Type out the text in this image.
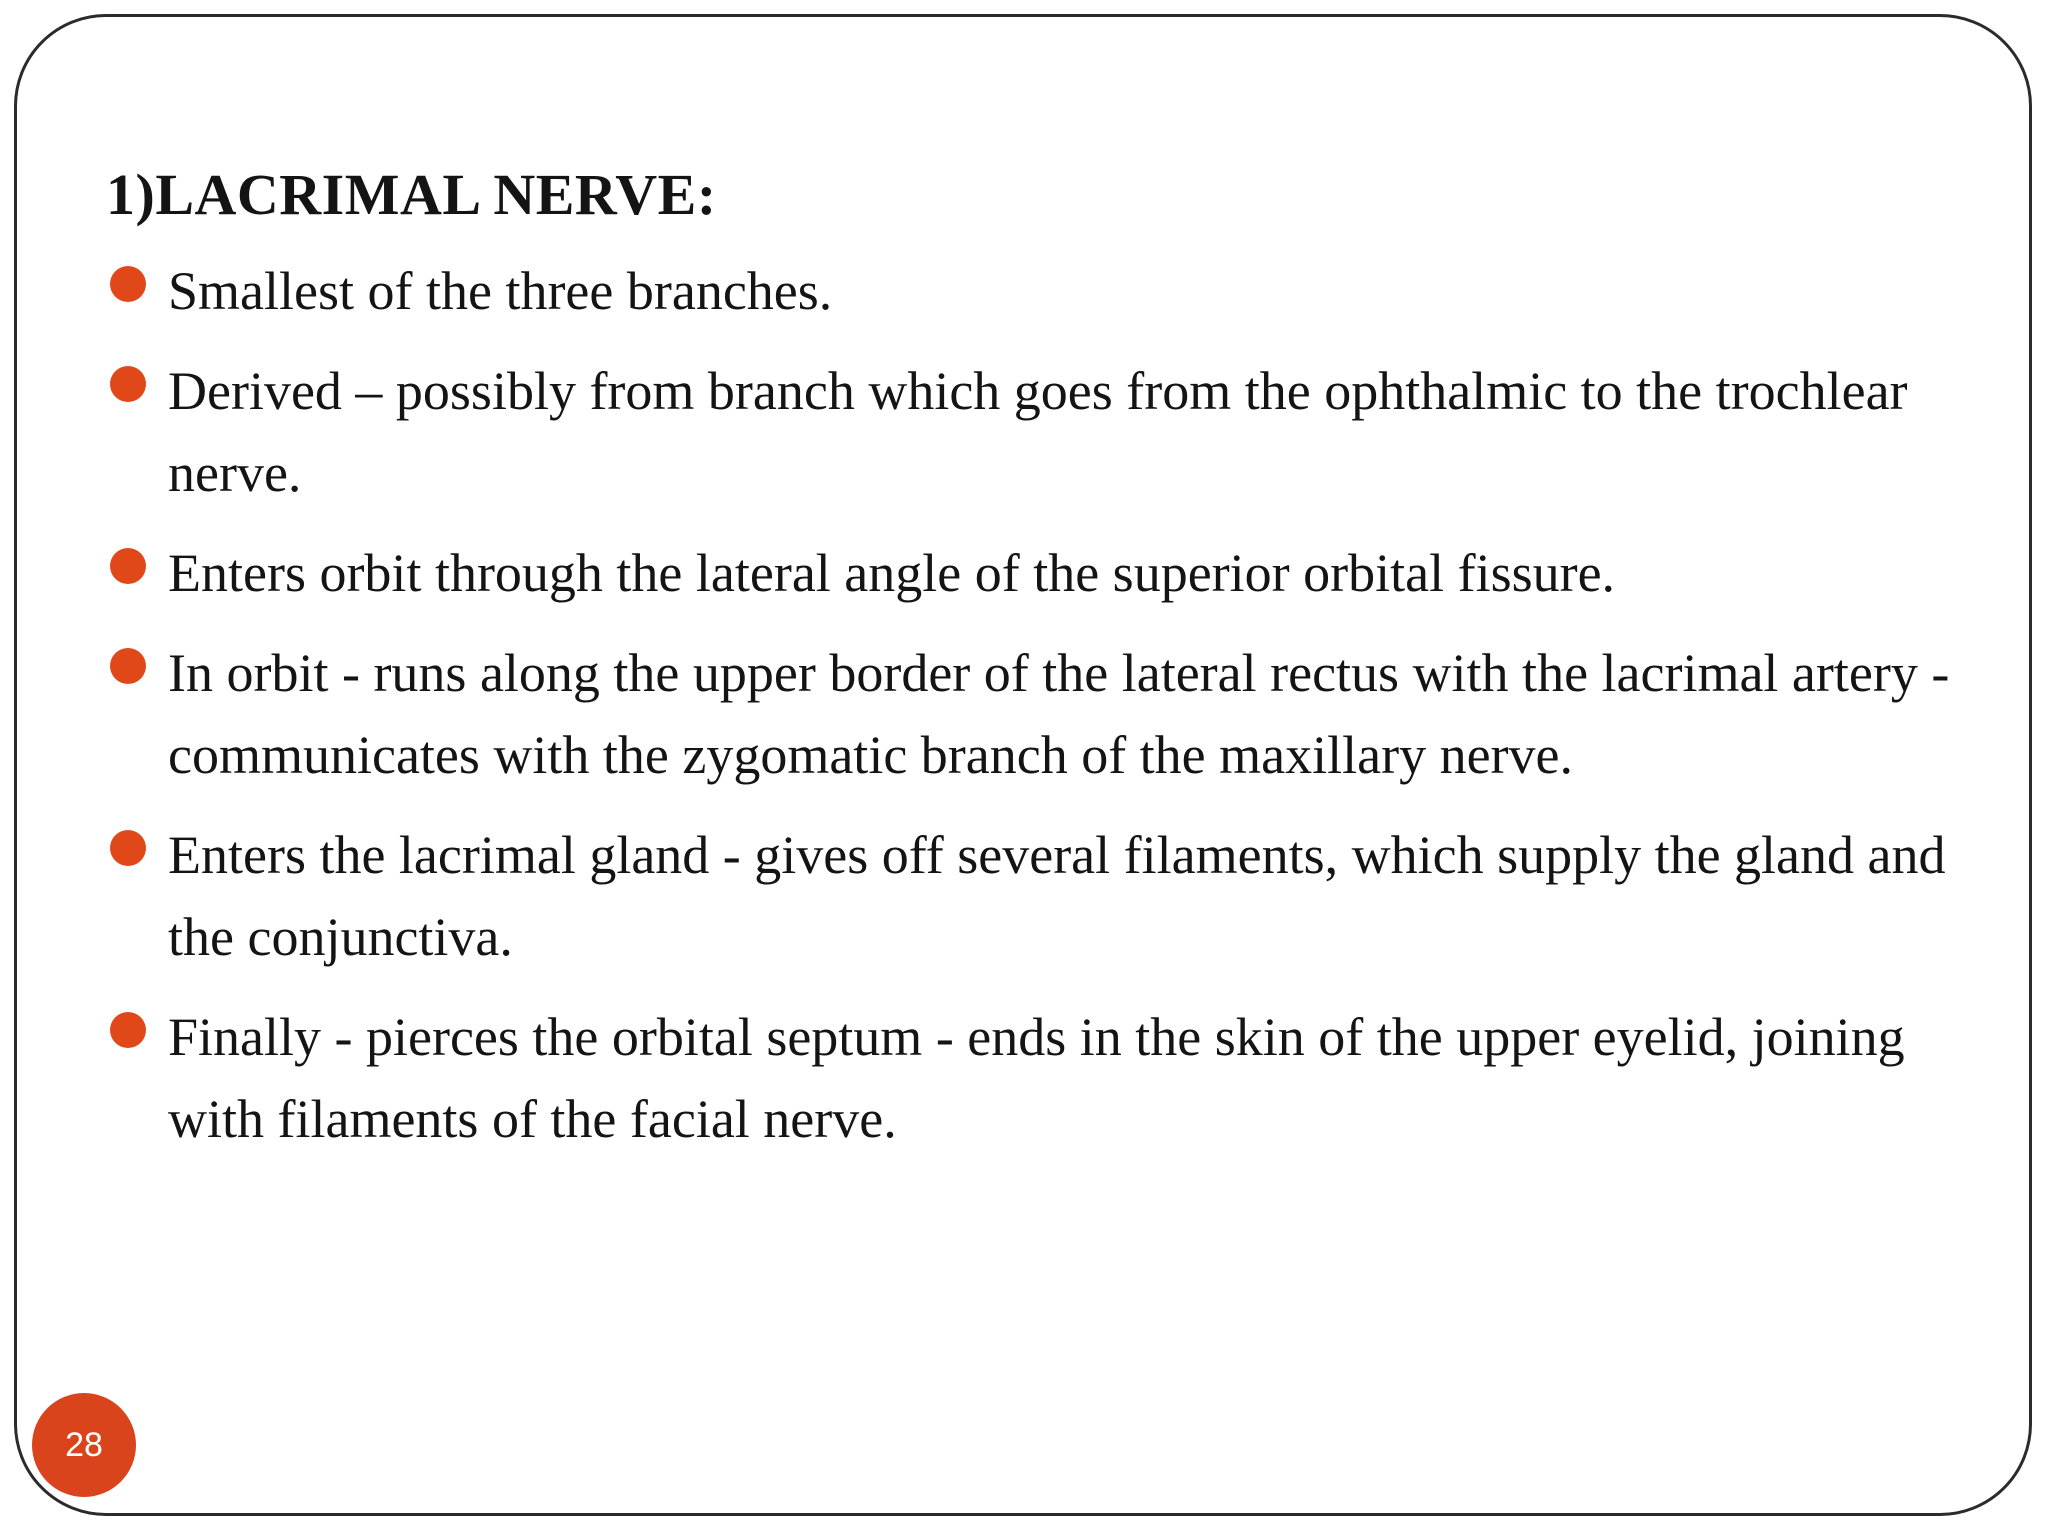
1)LACRIMAL NERVE:
Smallest of the three branches.
Derived – possibly from branch which goes from the ophthalmic to the trochlear nerve.
Enters orbit through the lateral angle of the superior orbital fissure.
In orbit - runs along the upper border of the lateral rectus with the lacrimal artery - communicates with the zygomatic branch of the maxillary nerve.
Enters the lacrimal gland - gives off several filaments, which supply the gland and the conjunctiva.
Finally - pierces the orbital septum - ends in the skin of the upper eyelid, joining with filaments of the facial nerve.
28
